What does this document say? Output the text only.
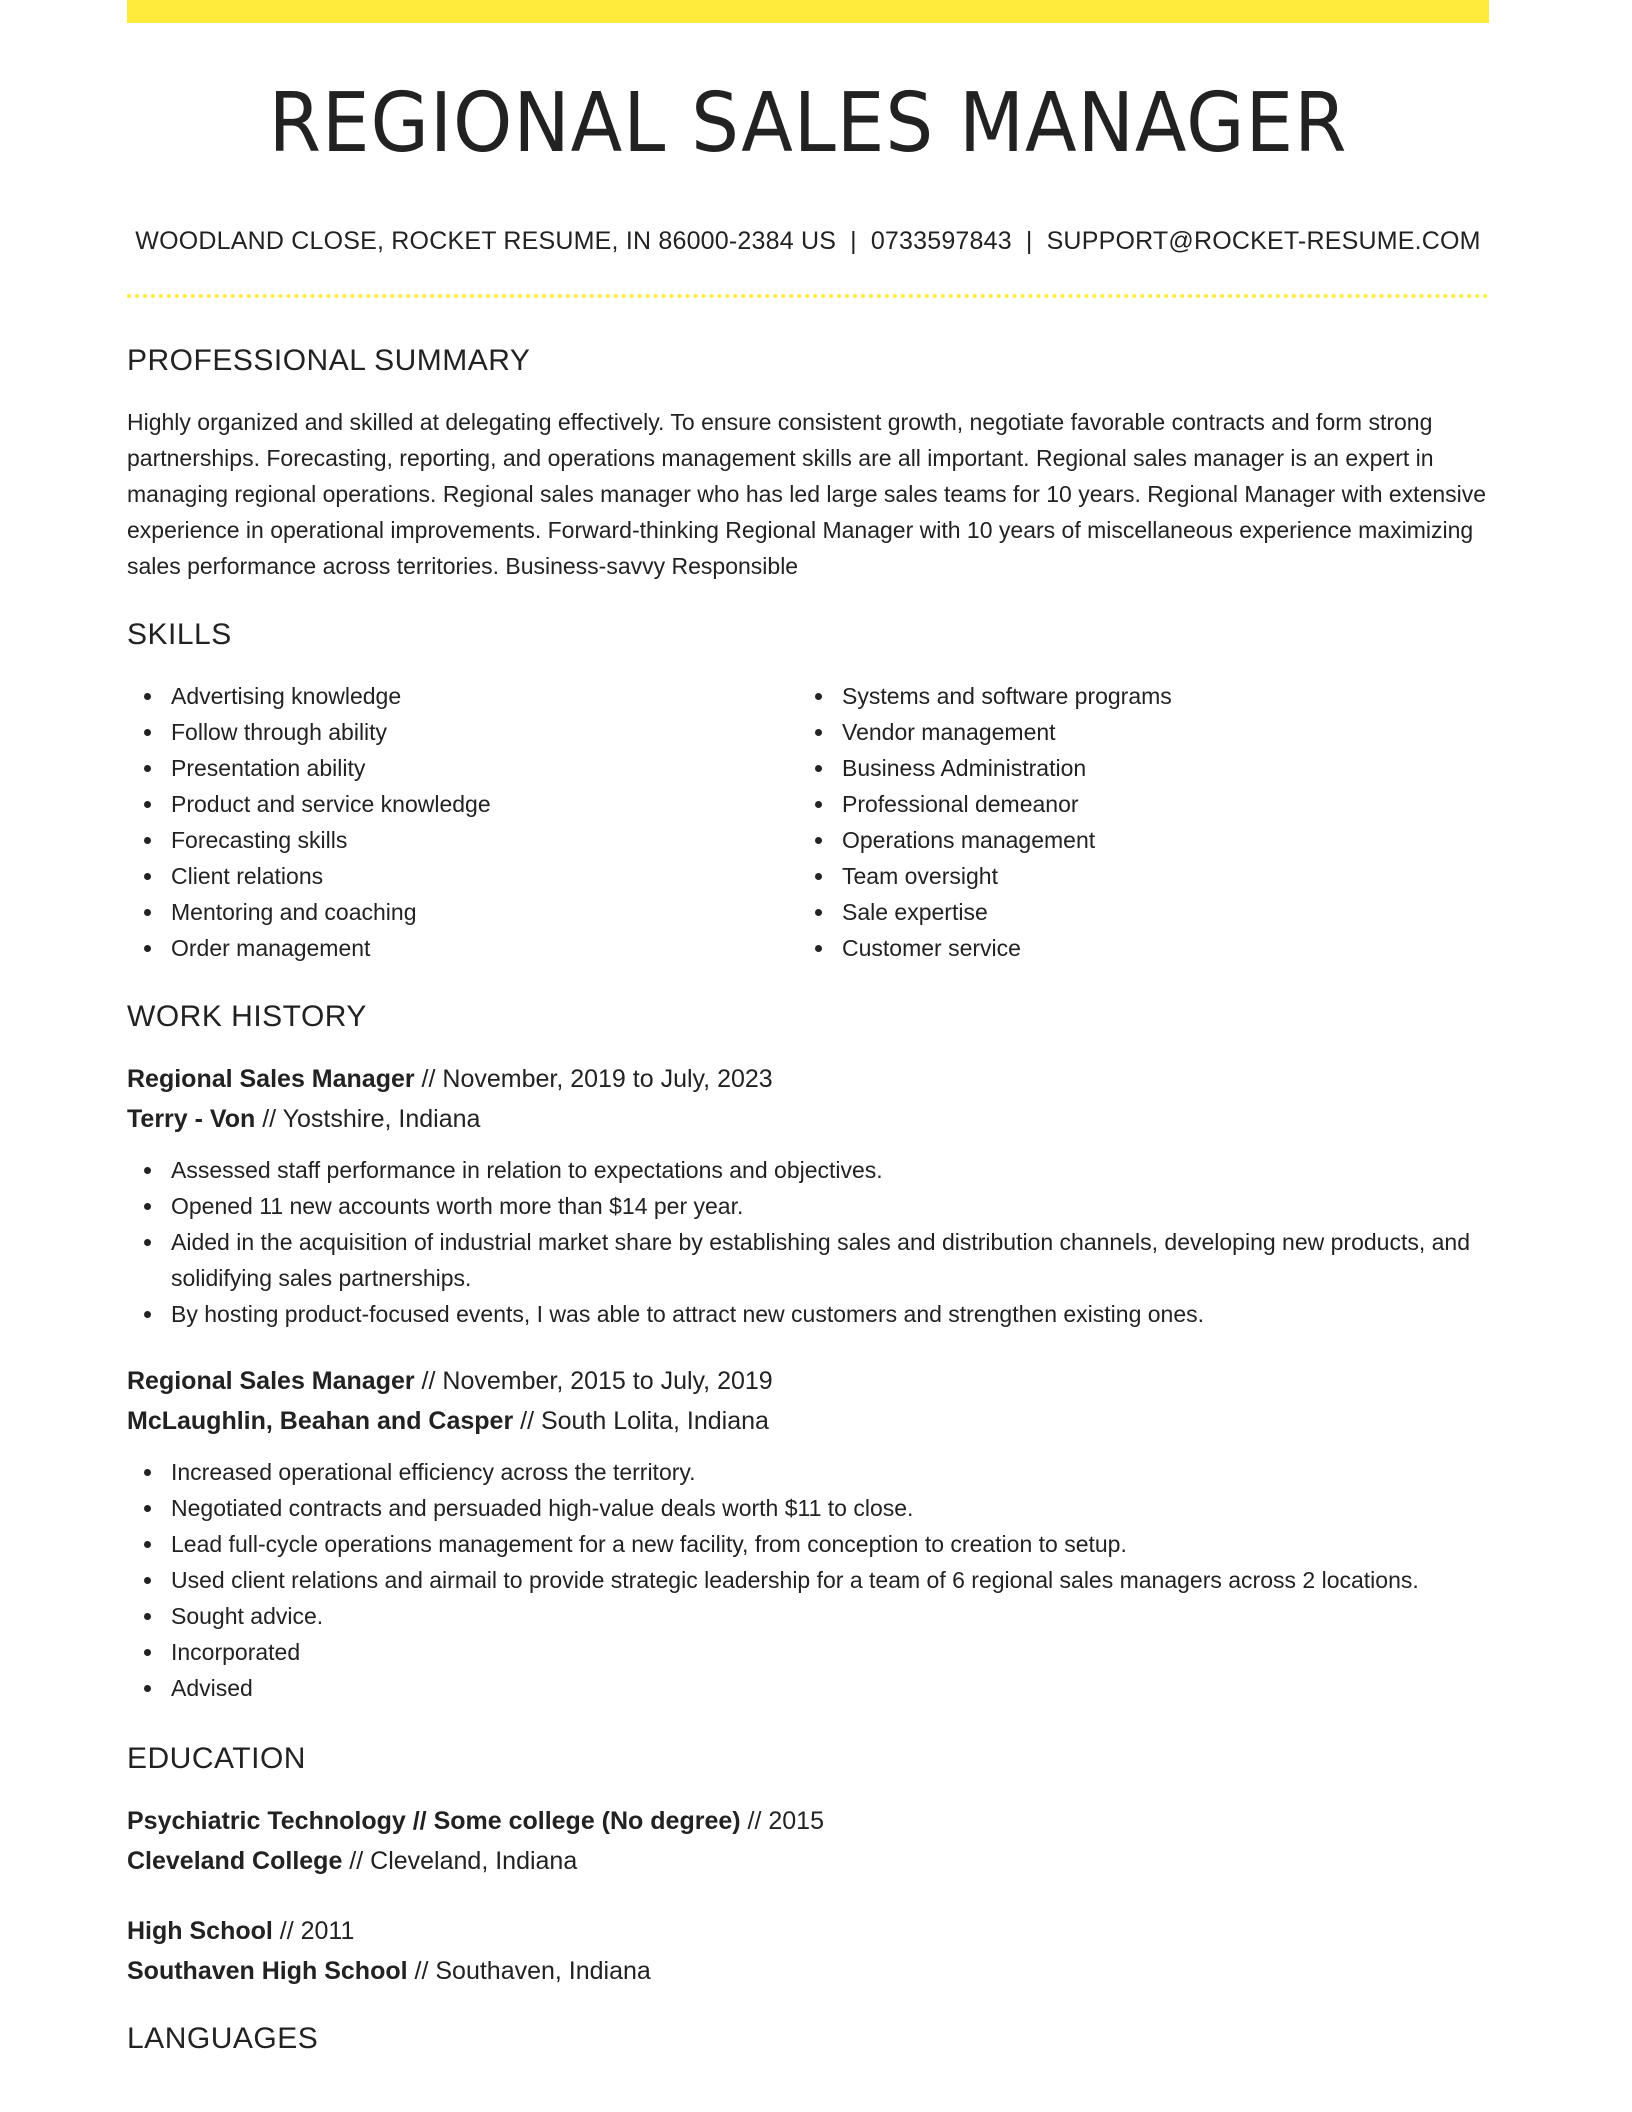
REGIONAL SALES MANAGER
WOODLAND CLOSE, ROCKET RESUME, IN 86000-2384 US | 0733597843 | SUPPORT@ROCKET-RESUME.COM
PROFESSIONAL SUMMARY
Highly organized and skilled at delegating effectively. To ensure consistent growth, negotiate favorable contracts and form strong partnerships. Forecasting, reporting, and operations management skills are all important. Regional sales manager is an expert in managing regional operations. Regional sales manager who has led large sales teams for 10 years. Regional Manager with extensive experience in operational improvements. Forward-thinking Regional Manager with 10 years of miscellaneous experience maximizing sales performance across territories. Business-savvy Responsible
SKILLS
Advertising knowledge
Follow through ability
Presentation ability
Product and service knowledge
Forecasting skills
Client relations
Mentoring and coaching
Order management
Systems and software programs
Vendor management
Business Administration
Professional demeanor
Operations management
Team oversight
Sale expertise
Customer service
WORK HISTORY
Regional Sales Manager // November, 2019 to July, 2023
Terry - Von // Yostshire, Indiana
Assessed staff performance in relation to expectations and objectives.
Opened 11 new accounts worth more than $14 per year.
Aided in the acquisition of industrial market share by establishing sales and distribution channels, developing new products, and solidifying sales partnerships.
By hosting product-focused events, I was able to attract new customers and strengthen existing ones.
Regional Sales Manager // November, 2015 to July, 2019
McLaughlin, Beahan and Casper // South Lolita, Indiana
Increased operational efficiency across the territory.
Negotiated contracts and persuaded high-value deals worth $11 to close.
Lead full-cycle operations management for a new facility, from conception to creation to setup.
Used client relations and airmail to provide strategic leadership for a team of 6 regional sales managers across 2 locations.
Sought advice.
Incorporated
Advised
EDUCATION
Psychiatric Technology // Some college (No degree) // 2015
Cleveland College // Cleveland, Indiana
High School // 2011
Southaven High School // Southaven, Indiana
LANGUAGES
